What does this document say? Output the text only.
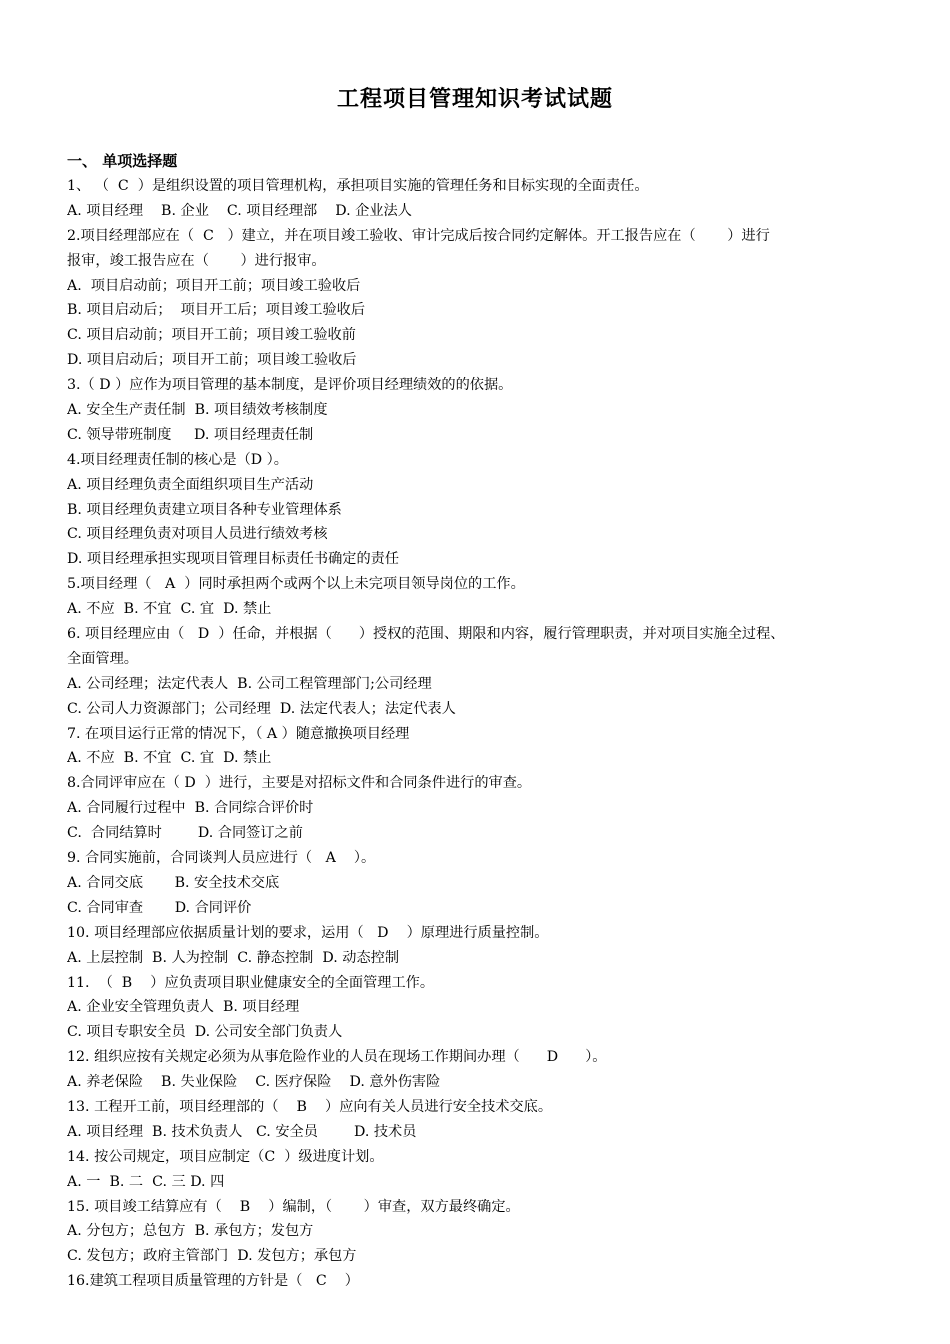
工程项目管理知识考试试题
一、 单项选择题
1、 （  C  ）是组织设置的项目管理机构，承担项目实施的管理任务和目标实现的全面责任。
A. 项目经理    B. 企业    C. 项目经理部    D. 企业法人
2.项目经理部应在（  C   ）建立，并在项目竣工验收、审计完成后按合同约定解体。开工报告应在（       ）进行
报审，竣工报告应在（       ）进行报审。
A.  项目启动前；项目开工前；项目竣工验收后
B. 项目启动后；  项目开工后；项目竣工验收后
C. 项目启动前；项目开工前；项目竣工验收前
D. 项目启动后；项目开工前；项目竣工验收后
3.（ D ）应作为项目管理的基本制度，是评价项目经理绩效的的依据。
A. 安全生产责任制  B. 项目绩效考核制度
C. 领导带班制度     D. 项目经理责任制
4.项目经理责任制的核心是（D ）。
A. 项目经理负责全面组织项目生产活动
B. 项目经理负责建立项目各种专业管理体系
C. 项目经理负责对项目人员进行绩效考核
D. 项目经理承担实现项目管理目标责任书确定的责任
5.项目经理（   A  ）同时承担两个或两个以上未完项目领导岗位的工作。
A. 不应  B. 不宜  C. 宜  D. 禁止
6. 项目经理应由（   D  ）任命，并根据（      ）授权的范围、期限和内容，履行管理职责，并对项目实施全过程、
全面管理。
A. 公司经理；法定代表人  B. 公司工程管理部门;公司经理
C. 公司人力资源部门；公司经理  D. 法定代表人；法定代表人
7. 在项目运行正常的情况下，（ A ）随意撤换项目经理
A. 不应  B. 不宜  C. 宜  D. 禁止
8.合同评审应在（ D  ）进行，主要是对招标文件和合同条件进行的审查。
A. 合同履行过程中  B. 合同综合评价时
C.  合同结算时        D. 合同签订之前
9. 合同实施前，合同谈判人员应进行（   A    ）。
A. 合同交底       B. 安全技术交底
C. 合同审查       D. 合同评价
10. 项目经理部应依据质量计划的要求，运用（   D    ）原理进行质量控制。
A. 上层控制  B. 人为控制  C. 静态控制  D. 动态控制
11.  （  B    ）应负责项目职业健康安全的全面管理工作。
A. 企业安全管理负责人  B. 项目经理
C. 项目专职安全员  D. 公司安全部门负责人
12. 组织应按有关规定必须为从事危险作业的人员在现场工作期间办理（      D      ）。
A. 养老保险    B. 失业保险    C. 医疗保险    D. 意外伤害险
13. 工程开工前，项目经理部的（    B    ）应向有关人员进行安全技术交底。
A. 项目经理  B. 技术负责人   C. 安全员        D. 技术员
14. 按公司规定，项目应制定（C  ）级进度计划。
A. 一  B. 二  C. 三 D. 四
15. 项目竣工结算应有（    B    ）编制，（       ）审查，双方最终确定。
A. 分包方；总包方  B. 承包方；发包方
C. 发包方；政府主管部门  D. 发包方；承包方
16.建筑工程项目质量管理的方针是（   C    ）
